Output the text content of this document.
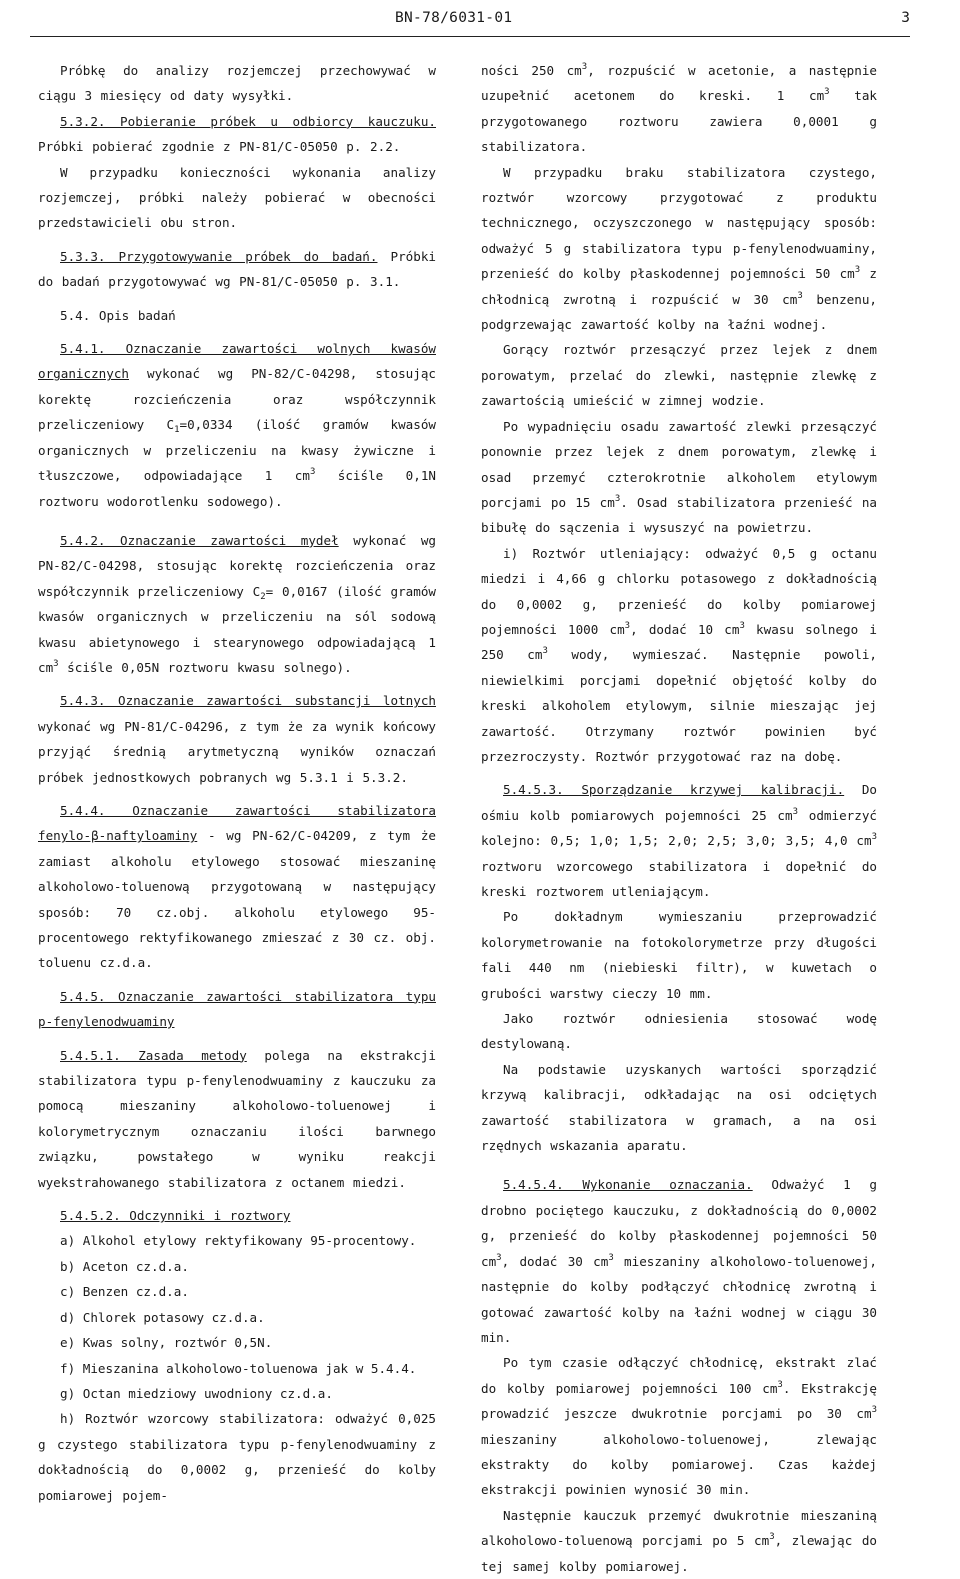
BN-78/6031-01	3

Próbkę do analizy rozjemczej przechowywać w ciągu 3 miesięcy od daty wysyłki.

5.3.2. Pobieranie próbek u odbiorcy kauczuku. Próbki pobierać zgodnie z PN-81/C-05050 p. 2.2.

W przypadku konieczności wykonania analizy rozjemczej, próbki należy pobierać w obecności przedstawicieli obu stron.

5.3.3. Przygotowywanie próbek do badań. Próbki do badań przygotowywać wg PN-81/C-05050 p. 3.1.

5.4. Opis badań

5.4.1. Oznaczanie zawartości wolnych kwasów organicznych wykonać wg PN-82/C-04298, stosując korektę rozcieńczenia oraz współczynnik przeliczeniowy $C_1=0,0334$ (ilość gramów kwasów organicznych w przeliczeniu na kwasy żywiczne i tłuszczowe, odpowiadające 1 $cm^3$ ściśle 0,1N roztworu wodorotlenku sodowego).

5.4.2. Oznaczanie zawartości mydeł wykonać wg PN-82/C-04298, stosując korektę rozcieńczenia oraz współczynnik przeliczeniowy $C_2= 0,0167$ (ilość gramów kwasów organicznych w przeliczeniu na sól sodową kwasu abietynowego i stearynowego odpowiadającą 1 $cm^3$ ściśle 0,05N roztworu kwasu solnego).

5.4.3. Oznaczanie zawartości substancji lotnych wykonać wg PN-81/C-04296, z tym że za wynik końcowy przyjąć średnią arytmetyczną wyników oznaczań próbek jednostkowych pobranych wg 5.3.1 i 5.3.2.

5.4.4. Oznaczanie zawartości stabilizatora fenylo-β-naftyloaminy - wg PN-62/C-04209, z tym że zamiast alkoholu etylowego stosować mieszaninę alkoholowo-toluenową przygotowaną w następujący sposób: 70 cz.obj. alkoholu etylowego 95-procentowego rektyfikowanego zmieszać z 30 cz. obj. toluenu cz.d.a.

5.4.5. Oznaczanie zawartości stabilizatora typu p-fenylenodwuaminy

5.4.5.1. Zasada metody polega na ekstrakcji stabilizatora typu p-fenylenodwuaminy z kauczuku za pomocą mieszaniny alkoholowo-toluenowej i kolorymetrycznym oznaczaniu ilości barwnego związku, powstałego w wyniku reakcji wyekstrahowanego stabilizatora z octanem miedzi.

5.4.5.2. Odczynniki i roztwory

a) Alkohol etylowy rektyfikowany 95-procentowy.

b) Aceton cz.d.a.

c) Benzen cz.d.a.

d) Chlorek potasowy cz.d.a.

e) Kwas solny, roztwór 0,5N.

f) Mieszanina alkoholowo-toluenowa jak w 5.4.4.

g) Octan miedziowy uwodniony cz.d.a.

h) Roztwór wzorcowy stabilizatora: odważyć 0,025 g czystego stabilizatora typu p-fenylenodwuaminy z dokładnością do 0,0002 g, przenieść do kolby pomiarowej pojem-

ności 250 $cm^3$, rozpuścić w acetonie, a następnie uzupełnić acetonem do kreski. 1 $cm^3$ tak przygotowanego roztworu zawiera 0,0001 g stabilizatora.

W przypadku braku stabilizatora czystego, roztwór wzorcowy przygotować z produktu technicznego, oczyszczonego w następujący sposób: odważyć 5 g stabilizatora typu p-fenylenodwuaminy, przenieść do kolby płaskodennej pojemności 50 $cm^3$ z chłodnicą zwrotną i rozpuścić w 30 $cm^3$ benzenu, podgrzewając zawartość kolby na łaźni wodnej.

Gorący roztwór przesączyć przez lejek z dnem porowatym, przelać do zlewki, następnie zlewkę z zawartością umieścić w zimnej wodzie.

Po wypadnięciu osadu zawartość zlewki przesączyć ponownie przez lejek z dnem porowatym, zlewkę i osad przemyć czterokrotnie alkoholem etylowym porcjami po 15 $cm^3$. Osad stabilizatora przenieść na bibułę do sączenia i wysuszyć na powietrzu.

i) Roztwór utleniający: odważyć 0,5 g octanu miedzi i 4,66 g chlorku potasowego z dokładnością do 0,0002 g, przenieść do kolby pomiarowej pojemności 1000 $cm^3$, dodać 10 $cm^3$ kwasu solnego i 250 $cm^3$ wody, wymieszać. Następnie powoli, niewielkimi porcjami dopełnić objętość kolby do kreski alkoholem etylowym, silnie mieszając jej zawartość. Otrzymany roztwór powinien być przezroczysty. Roztwór przygotować raz na dobę.

5.4.5.3. Sporządzanie krzywej kalibracji. Do ośmiu kolb pomiarowych pojemności 25 $cm^3$ odmierzyć kolejno: 0,5; 1,0; 1,5; 2,0; 2,5; 3,0; 3,5; 4,0 $cm^3$ roztworu wzorcowego stabilizatora i dopełnić do kreski roztworem utleniającym.

Po dokładnym wymieszaniu przeprowadzić kolorymetrowanie na fotokolorymetrze przy długości fali 440 nm (niebieski filtr), w kuwetach o grubości warstwy cieczy 10 mm.

Jako roztwór odniesienia stosować wodę destylowaną.

Na podstawie uzyskanych wartości sporządzić krzywą kalibracji, odkładając na osi odciętych zawartość stabilizatora w gramach, a na osi rzędnych wskazania aparatu.

5.4.5.4. Wykonanie oznaczania. Odważyć 1 g drobno pociętego kauczuku, z dokładnością do 0,0002 g, przenieść do kolby płaskodennej pojemności 50 $cm^3$, dodać 30 $cm^3$ mieszaniny alkoholowo-toluenowej, następnie do kolby podłączyć chłodnicę zwrotną i gotować zawartość kolby na łaźni wodnej w ciągu 30 min.

Po tym czasie odłączyć chłodnicę, ekstrakt zlać do kolby pomiarowej pojemności 100 $cm^3$. Ekstrakcję prowadzić jeszcze dwukrotnie porcjami po 30 $cm^3$ mieszaniny alkoholowo-toluenowej, zlewając ekstrakty do kolby pomiarowej. Czas każdej ekstrakcji powinien wynosić 30 min.

Następnie kauczuk przemyć dwukrotnie mieszaniną alkoholowo-toluenową porcjami po 5 $cm^3$, zlewając do tej samej kolby pomiarowej.
